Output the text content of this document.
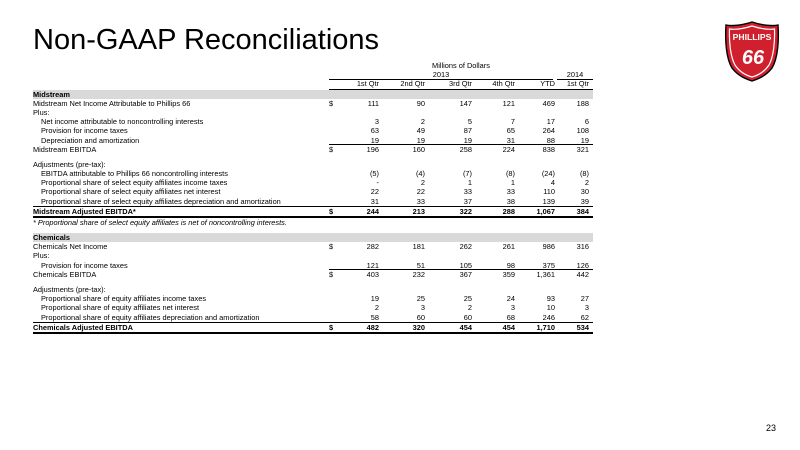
Non-GAAP Reconciliations	PHILLIPS
66
Millions of Dollars
2013	2014
1st Qtr	2nd Qtr	3rd Qtr	4th Qtr	YTD	1st Qtr
Midstream
Midstream Net Income Attributable to Phillips 66	$	111	90	147	121	469	188
Plus:
Net income attributable to noncontrolling interests	3	2	5	7	17	6
Provision for income taxes	63	49	87	65	264	108
Depreciation and amortization	19	19	19	31	88	19
Midstream EBITDA	$	196	160	258	224	838	321
Adjustments (pre-tax):
EBITDA attributable to Phillips 66 noncontrolling interests	(5)	(4)	(7)	(8)	(24)	(8)
Proportional share of select equity affiliates income taxes	-	2	1	1	4	2
Proportional share of select equity affiliates net interest	22	22	33	33	110	30
Proportional share of select equity affiliates depreciation and amortization	31	33	37	38	139	39
Midstream Adjusted EBITDA*	$	244	213	322	288	1,067	384
* Proportional share of select equity affiliates is net of noncontrolling interests.
Chemicals
Chemicals Net Income	$	282	181	262	261	986	316
Plus:
Provision for income taxes	121	51	105	98	375	126
Chemicals EBITDA	$	403	232	367	359	1,361	442
Adjustments (pre-tax):
Proportional share of equity affiliates income taxes	19	25	25	24	93	27
Proportional share of equity affiliates net interest	2	3	2	3	10	3
Proportional share of equity affiliates depreciation and amortization	58	60	60	68	246	62
Chemicals Adjusted EBITDA	$	482	320	454	454	1,710	534
23
